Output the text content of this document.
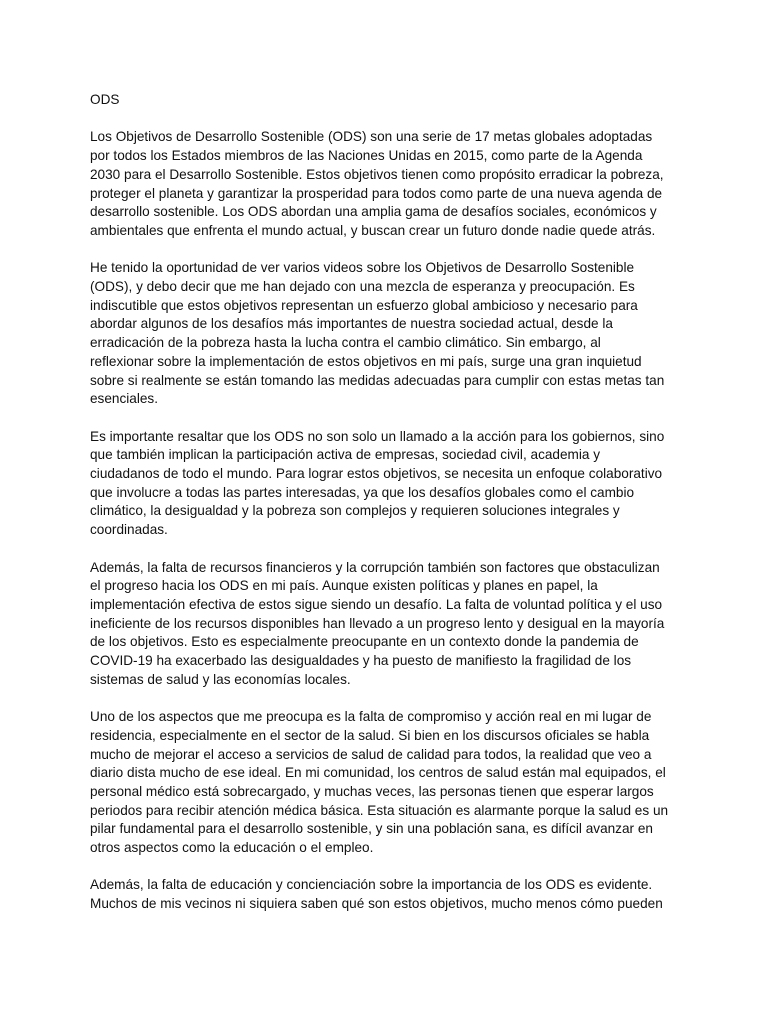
ODS

Los Objetivos de Desarrollo Sostenible (ODS) son una serie de 17 metas globales adoptadas
por todos los Estados miembros de las Naciones Unidas en 2015, como parte de la Agenda
2030 para el Desarrollo Sostenible. Estos objetivos tienen como propósito erradicar la pobreza,
proteger el planeta y garantizar la prosperidad para todos como parte de una nueva agenda de
desarrollo sostenible. Los ODS abordan una amplia gama de desafíos sociales, económicos y
ambientales que enfrenta el mundo actual, y buscan crear un futuro donde nadie quede atrás.

He tenido la oportunidad de ver varios videos sobre los Objetivos de Desarrollo Sostenible
(ODS), y debo decir que me han dejado con una mezcla de esperanza y preocupación. Es
indiscutible que estos objetivos representan un esfuerzo global ambicioso y necesario para
abordar algunos de los desafíos más importantes de nuestra sociedad actual, desde la
erradicación de la pobreza hasta la lucha contra el cambio climático. Sin embargo, al
reflexionar sobre la implementación de estos objetivos en mi país, surge una gran inquietud
sobre si realmente se están tomando las medidas adecuadas para cumplir con estas metas tan
esenciales.

Es importante resaltar que los ODS no son solo un llamado a la acción para los gobiernos, sino
que también implican la participación activa de empresas, sociedad civil, academia y
ciudadanos de todo el mundo. Para lograr estos objetivos, se necesita un enfoque colaborativo
que involucre a todas las partes interesadas, ya que los desafíos globales como el cambio
climático, la desigualdad y la pobreza son complejos y requieren soluciones integrales y
coordinadas.

Además, la falta de recursos financieros y la corrupción también son factores que obstaculizan
el progreso hacia los ODS en mi país. Aunque existen políticas y planes en papel, la
implementación efectiva de estos sigue siendo un desafío. La falta de voluntad política y el uso
ineficiente de los recursos disponibles han llevado a un progreso lento y desigual en la mayoría
de los objetivos. Esto es especialmente preocupante en un contexto donde la pandemia de
COVID-19 ha exacerbado las desigualdades y ha puesto de manifiesto la fragilidad de los
sistemas de salud y las economías locales.

Uno de los aspectos que me preocupa es la falta de compromiso y acción real en mi lugar de
residencia, especialmente en el sector de la salud. Si bien en los discursos oficiales se habla
mucho de mejorar el acceso a servicios de salud de calidad para todos, la realidad que veo a
diario dista mucho de ese ideal. En mi comunidad, los centros de salud están mal equipados, el
personal médico está sobrecargado, y muchas veces, las personas tienen que esperar largos
periodos para recibir atención médica básica. Esta situación es alarmante porque la salud es un
pilar fundamental para el desarrollo sostenible, y sin una población sana, es difícil avanzar en
otros aspectos como la educación o el empleo.

Además, la falta de educación y concienciación sobre la importancia de los ODS es evidente.
Muchos de mis vecinos ni siquiera saben qué son estos objetivos, mucho menos cómo pueden
